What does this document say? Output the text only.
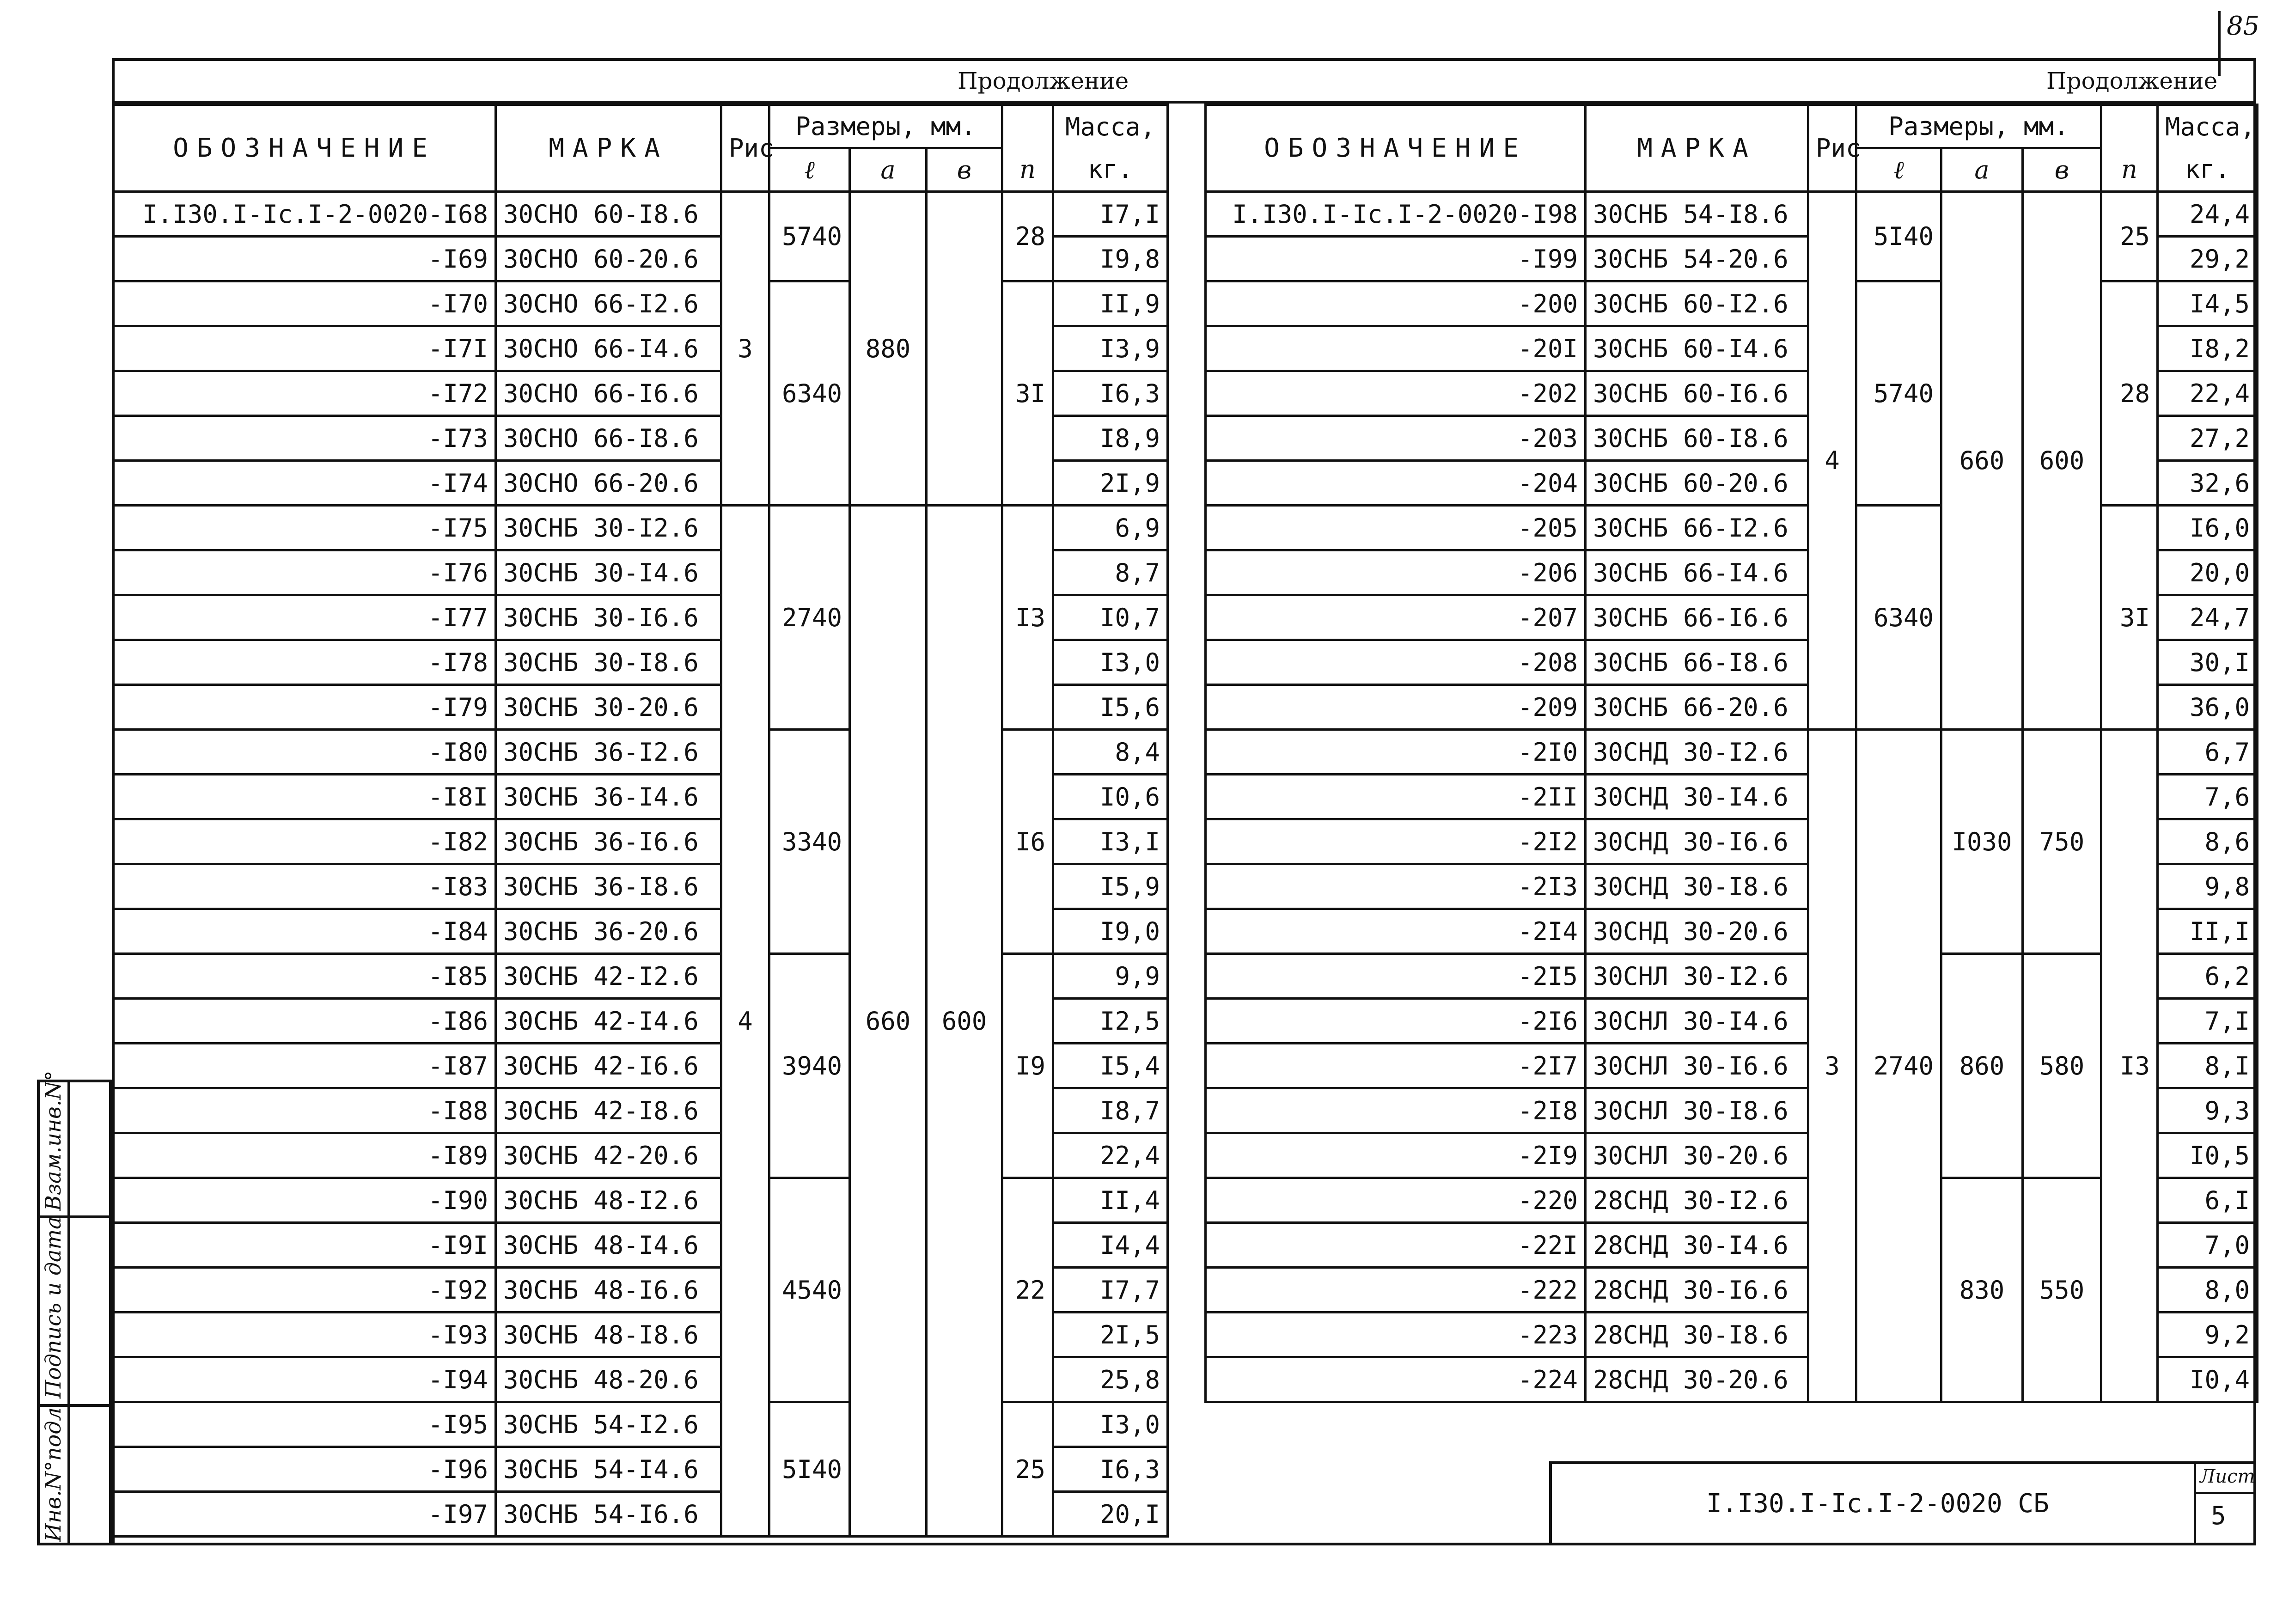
85
Продолжение	Продолжение
ОБОЗНАЧЕНИЕ	МАРКА	Рис	Размеры, мм.				Масса,
			ℓ	a	в	n	кг.
I.I30.I-Ic.I-2-0020-I68	30СНО 60-I8.6	3	5740	880		28	I7,I
-I69	30СНО 60-20.6						I9,8
-I70	30СНО 66-I2.6		6340			3I	II,9
-I7I	30СНО 66-I4.6						I3,9
-I72	30СНО 66-I6.6						I6,3
-I73	30СНО 66-I8.6						I8,9
-I74	30СНО 66-20.6						2I,9
-I75	30СНБ 30-I2.6	4	2740	660	600	I3	6,9
-I76	30СНБ 30-I4.6						8,7
-I77	30СНБ 30-I6.6						I0,7
-I78	30СНБ 30-I8.6						I3,0
-I79	30СНБ 30-20.6						I5,6
-I80	30СНБ 36-I2.6		3340			I6	8,4
-I8I	30СНБ 36-I4.6						I0,6
-I82	30СНБ 36-I6.6						I3,I
-I83	30СНБ 36-I8.6						I5,9
-I84	30СНБ 36-20.6						I9,0
-I85	30СНБ 42-I2.6		3940			I9	9,9
-I86	30СНБ 42-I4.6						I2,5
-I87	30СНБ 42-I6.6						I5,4
-I88	30СНБ 42-I8.6						I8,7
-I89	30СНБ 42-20.6						22,4
-I90	30СНБ 48-I2.6		4540			22	II,4
-I9I	30СНБ 48-I4.6						I4,4
-I92	30СНБ 48-I6.6						I7,7
-I93	30СНБ 48-I8.6						2I,5
-I94	30СНБ 48-20.6						25,8
-I95	30СНБ 54-I2.6		5I40			25	I3,0
-I96	30СНБ 54-I4.6						I6,3
-I97	30СНБ 54-I6.6						20,I
ОБОЗНАЧЕНИЕ	МАРКА	Рис	Размеры, мм.				Масса,
			ℓ	a	в	n	кг.
I.I30.I-Ic.I-2-0020-I98	30СНБ 54-I8.6	4	5I40	660	600	25	24,4
-I99	30СНБ 54-20.6						29,2
-200	30СНБ 60-I2.6		5740			28	I4,5
-20I	30СНБ 60-I4.6						I8,2
-202	30СНБ 60-I6.6						22,4
-203	30СНБ 60-I8.6						27,2
-204	30СНБ 60-20.6						32,6
-205	30СНБ 66-I2.6		6340			3I	I6,0
-206	30СНБ 66-I4.6						20,0
-207	30СНБ 66-I6.6						24,7
-208	30СНБ 66-I8.6						30,I
-209	30СНБ 66-20.6						36,0
-2I0	30СНД 30-I2.6	3	2740	I030	750	I3	6,7
-2II	30СНД 30-I4.6						7,6
-2I2	30СНД 30-I6.6						8,6
-2I3	30СНД 30-I8.6						9,8
-2I4	30СНД 30-20.6						II,I
-2I5	30СНЛ 30-I2.6			860	580		6,2
-2I6	30СНЛ 30-I4.6						7,I
-2I7	30СНЛ 30-I6.6						8,I
-2I8	30СНЛ 30-I8.6						9,3
-2I9	30СНЛ 30-20.6						I0,5
-220	28СНД 30-I2.6			830	550		6,I
-22I	28СНД 30-I4.6						7,0
-222	28СНД 30-I6.6						8,0
-223	28СНД 30-I8.6						9,2
-224	28СНД 30-20.6						I0,4
I.I30.I-Ic.I-2-0020 СБ
Лист
5
Инв.N°подл
Подпись и дата
Взам.инв.N°
